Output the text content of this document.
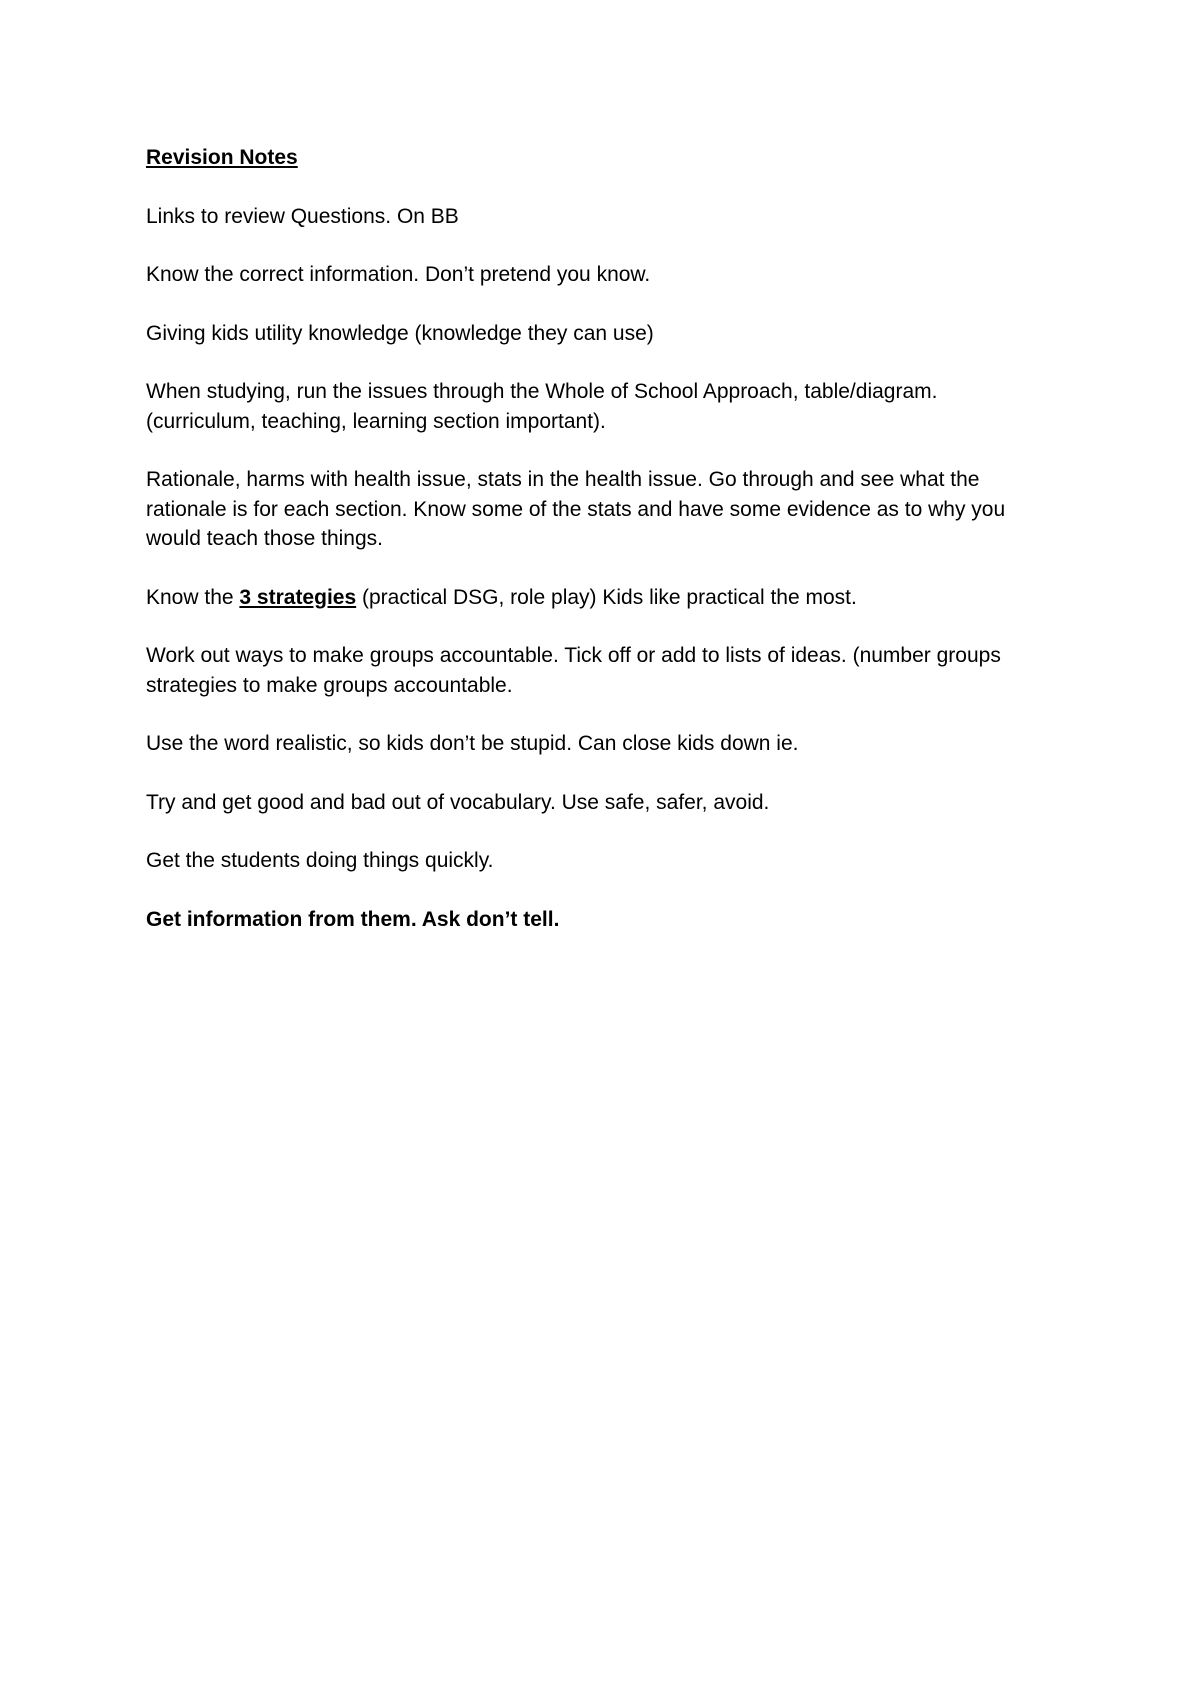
Revision Notes
Links to review Questions. On BB
Know the correct information. Don’t pretend you know.
Giving kids utility knowledge (knowledge they can use)
When studying, run the issues through the Whole of School Approach, table/diagram.
(curriculum, teaching, learning section important).
Rationale, harms with health issue, stats in the health issue. Go through and see what the
rationale is for each section. Know some of the stats and have some evidence as to why you
would teach those things.
Know the 3 strategies (practical DSG, role play) Kids like practical the most.
Work out ways to make groups accountable. Tick off or add to lists of ideas. (number groups
strategies to make groups accountable.
Use the word realistic, so kids don’t be stupid. Can close kids down ie.
Try and get good and bad out of vocabulary. Use safe, safer, avoid.
Get the students doing things quickly.
Get information from them. Ask don’t tell.
